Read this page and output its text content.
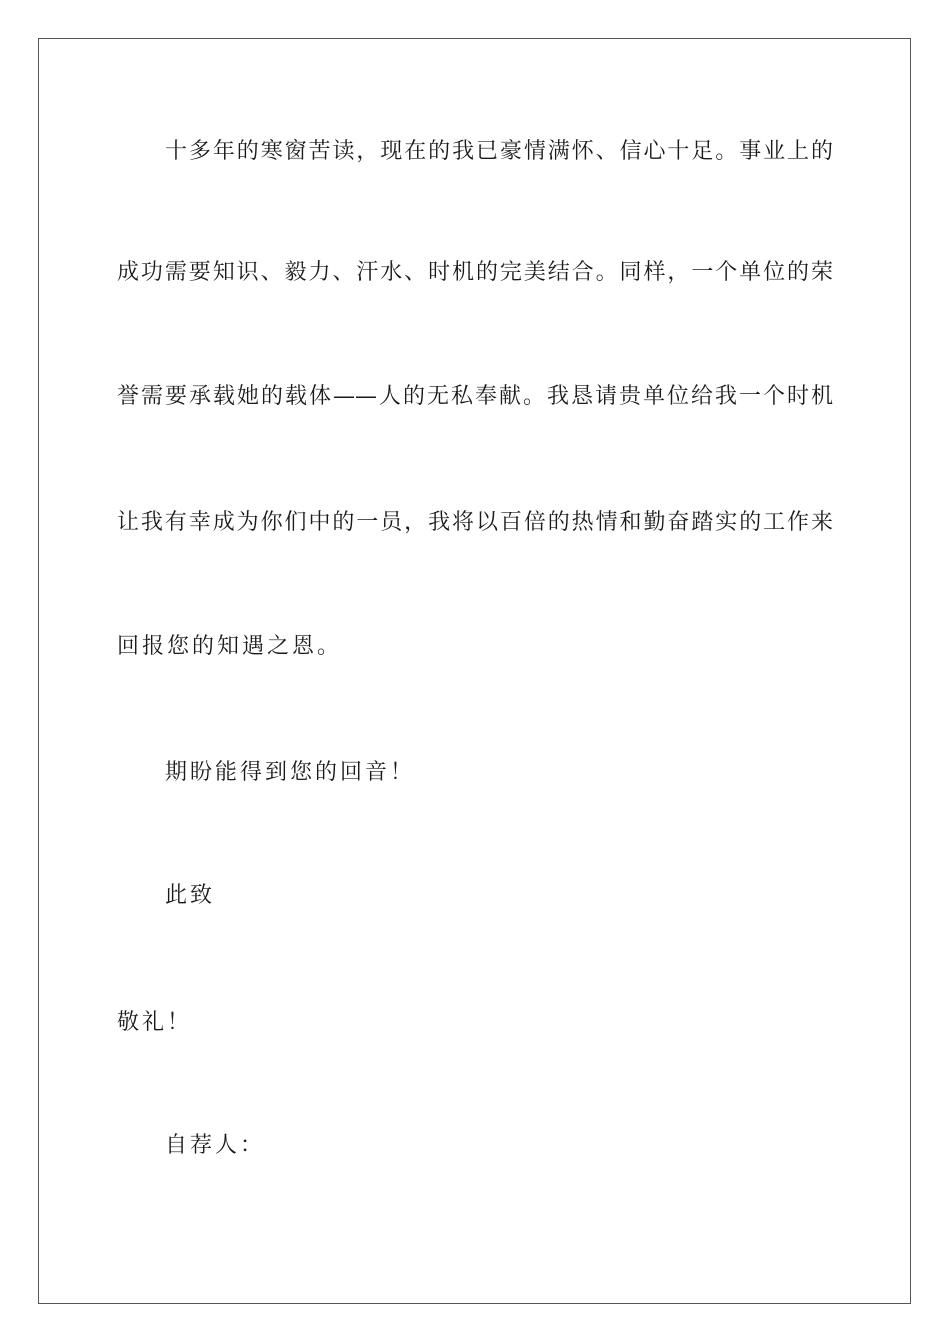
十多年的寒窗苦读，现在的我已豪情满怀、信心十足。事业上的
成功需要知识、毅力、汗水、时机的完美结合。同样，一个单位的荣
誉需要承载她的载体——人的无私奉献。我恳请贵单位给我一个时机
让我有幸成为你们中的一员，我将以百倍的热情和勤奋踏实的工作来
回报您的知遇之恩。
期盼能得到您的回音！
此致
敬礼！
自荐人：
